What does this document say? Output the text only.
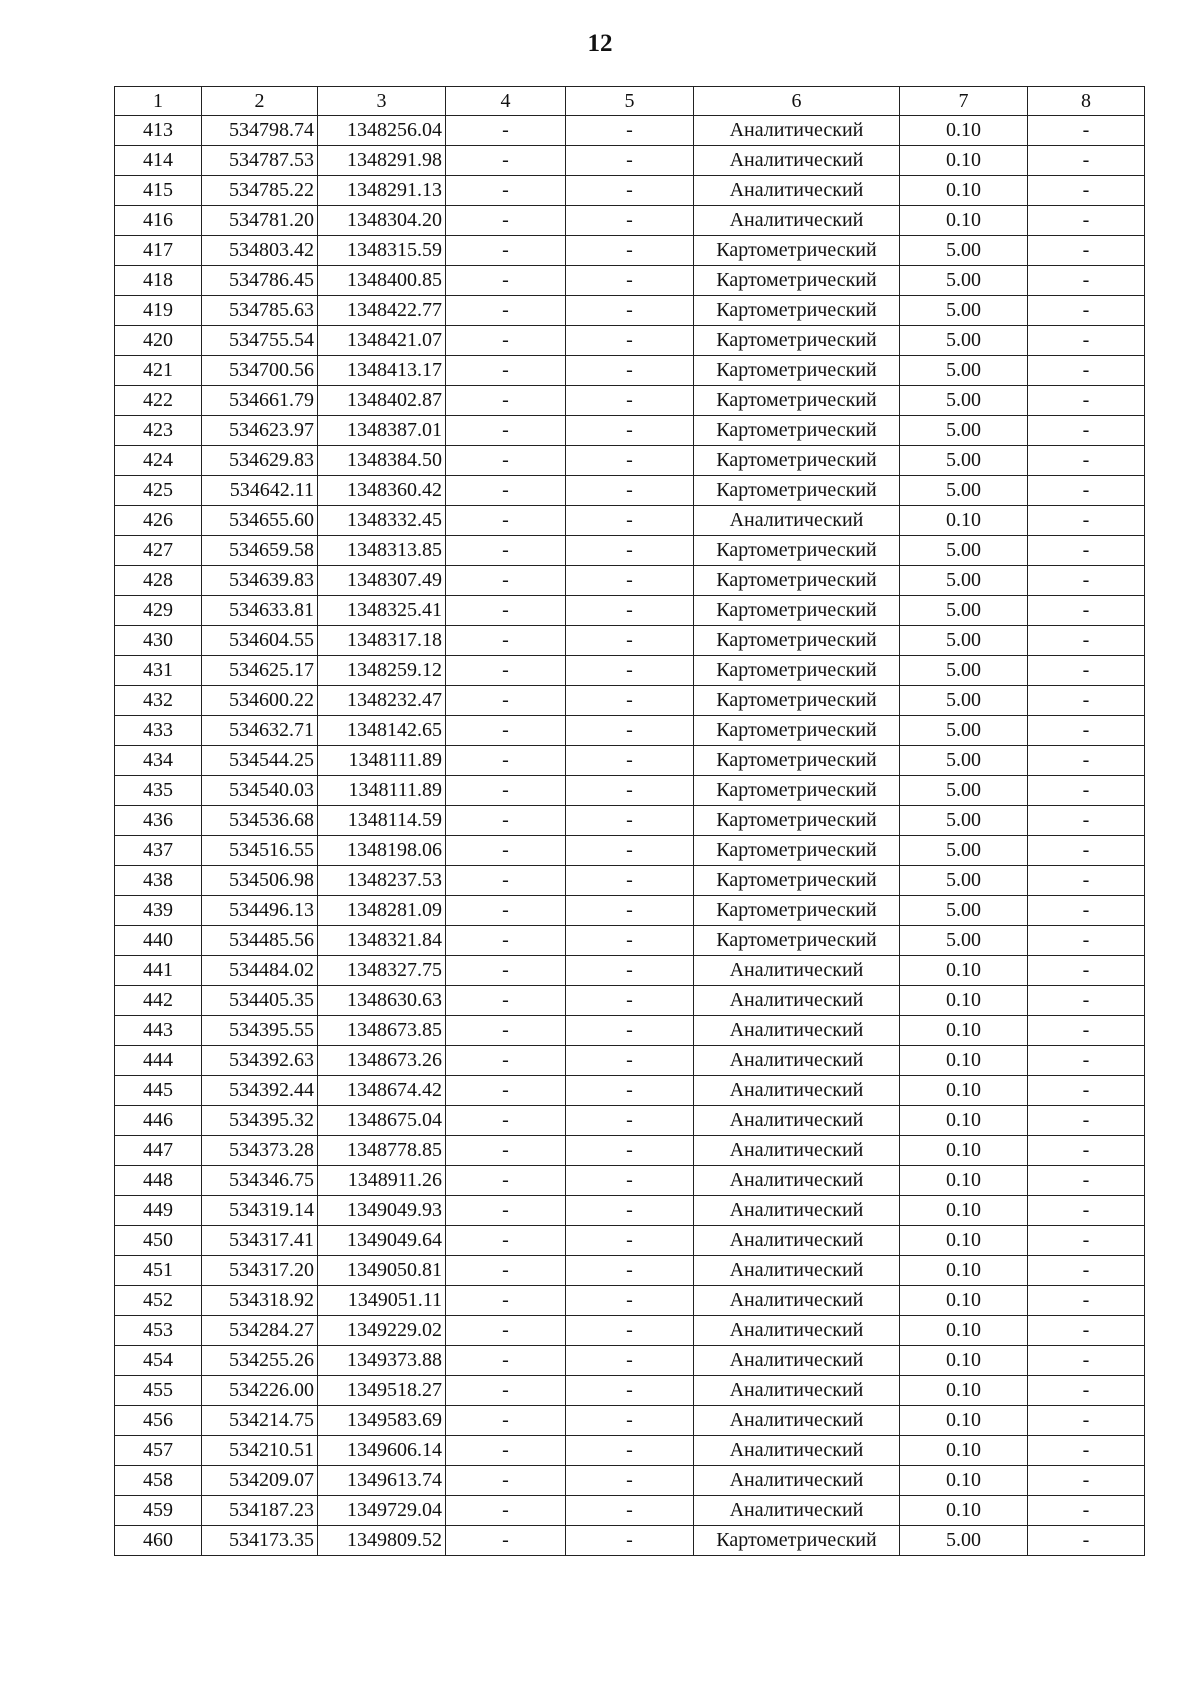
12
1	2	3	4	5	6	7	8
413	534798.74	1348256.04	-	-	Аналитический	0.10	-
414	534787.53	1348291.98	-	-	Аналитический	0.10	-
415	534785.22	1348291.13	-	-	Аналитический	0.10	-
416	534781.20	1348304.20	-	-	Аналитический	0.10	-
417	534803.42	1348315.59	-	-	Картометрический	5.00	-
418	534786.45	1348400.85	-	-	Картометрический	5.00	-
419	534785.63	1348422.77	-	-	Картометрический	5.00	-
420	534755.54	1348421.07	-	-	Картометрический	5.00	-
421	534700.56	1348413.17	-	-	Картометрический	5.00	-
422	534661.79	1348402.87	-	-	Картометрический	5.00	-
423	534623.97	1348387.01	-	-	Картометрический	5.00	-
424	534629.83	1348384.50	-	-	Картометрический	5.00	-
425	534642.11	1348360.42	-	-	Картометрический	5.00	-
426	534655.60	1348332.45	-	-	Аналитический	0.10	-
427	534659.58	1348313.85	-	-	Картометрический	5.00	-
428	534639.83	1348307.49	-	-	Картометрический	5.00	-
429	534633.81	1348325.41	-	-	Картометрический	5.00	-
430	534604.55	1348317.18	-	-	Картометрический	5.00	-
431	534625.17	1348259.12	-	-	Картометрический	5.00	-
432	534600.22	1348232.47	-	-	Картометрический	5.00	-
433	534632.71	1348142.65	-	-	Картометрический	5.00	-
434	534544.25	1348111.89	-	-	Картометрический	5.00	-
435	534540.03	1348111.89	-	-	Картометрический	5.00	-
436	534536.68	1348114.59	-	-	Картометрический	5.00	-
437	534516.55	1348198.06	-	-	Картометрический	5.00	-
438	534506.98	1348237.53	-	-	Картометрический	5.00	-
439	534496.13	1348281.09	-	-	Картометрический	5.00	-
440	534485.56	1348321.84	-	-	Картометрический	5.00	-
441	534484.02	1348327.75	-	-	Аналитический	0.10	-
442	534405.35	1348630.63	-	-	Аналитический	0.10	-
443	534395.55	1348673.85	-	-	Аналитический	0.10	-
444	534392.63	1348673.26	-	-	Аналитический	0.10	-
445	534392.44	1348674.42	-	-	Аналитический	0.10	-
446	534395.32	1348675.04	-	-	Аналитический	0.10	-
447	534373.28	1348778.85	-	-	Аналитический	0.10	-
448	534346.75	1348911.26	-	-	Аналитический	0.10	-
449	534319.14	1349049.93	-	-	Аналитический	0.10	-
450	534317.41	1349049.64	-	-	Аналитический	0.10	-
451	534317.20	1349050.81	-	-	Аналитический	0.10	-
452	534318.92	1349051.11	-	-	Аналитический	0.10	-
453	534284.27	1349229.02	-	-	Аналитический	0.10	-
454	534255.26	1349373.88	-	-	Аналитический	0.10	-
455	534226.00	1349518.27	-	-	Аналитический	0.10	-
456	534214.75	1349583.69	-	-	Аналитический	0.10	-
457	534210.51	1349606.14	-	-	Аналитический	0.10	-
458	534209.07	1349613.74	-	-	Аналитический	0.10	-
459	534187.23	1349729.04	-	-	Аналитический	0.10	-
460	534173.35	1349809.52	-	-	Картометрический	5.00	-
